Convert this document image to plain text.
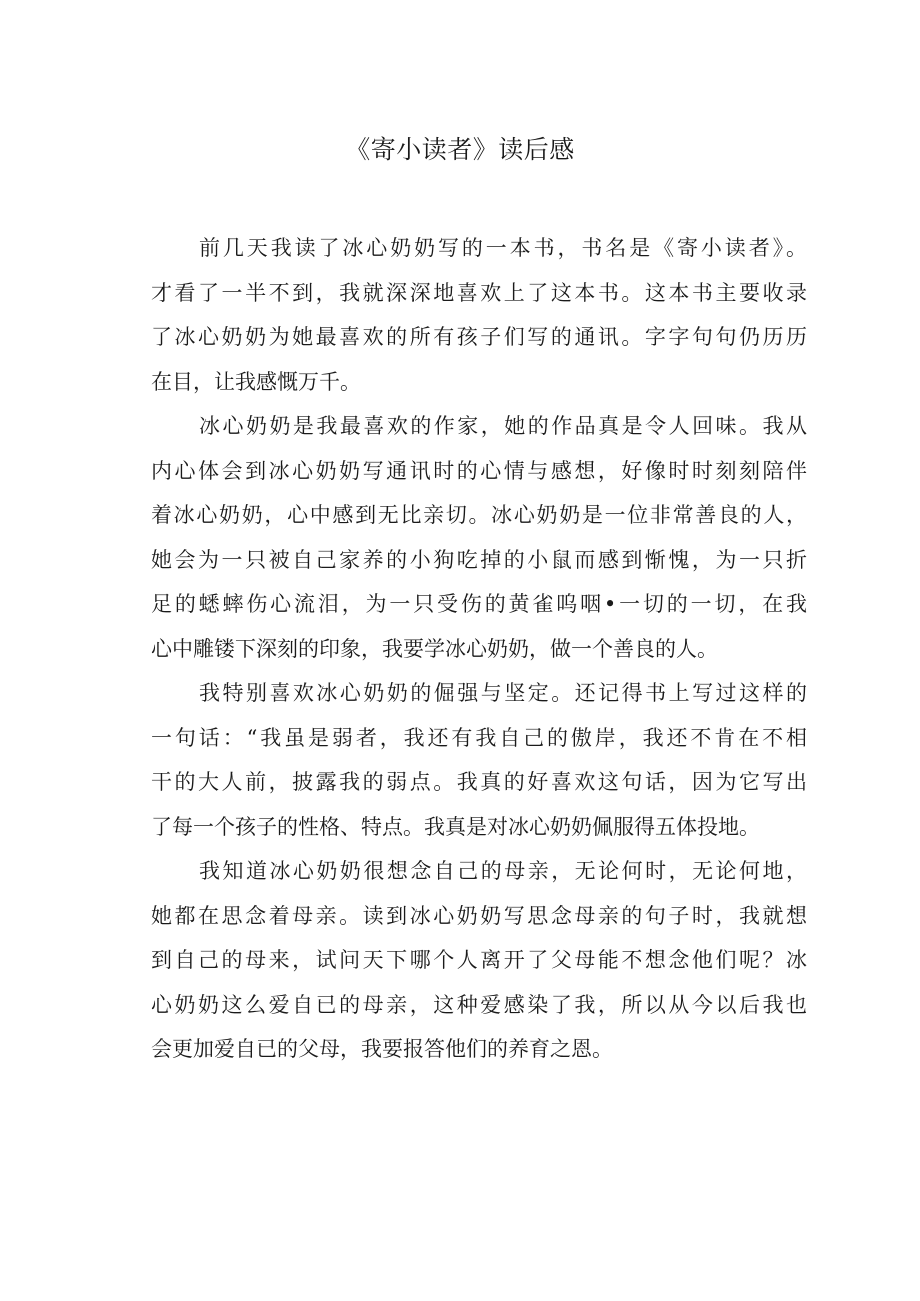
《寄小读者》读后感
前几天我读了冰心奶奶写的一本书，书名是《寄小读者》。
才看了一半不到，我就深深地喜欢上了这本书。这本书主要收录
了冰心奶奶为她最喜欢的所有孩子们写的通讯。字字句句仍历历
在目，让我感慨万千。
冰心奶奶是我最喜欢的作家，她的作品真是令人回味。我从
内心体会到冰心奶奶写通讯时的心情与感想，好像时时刻刻陪伴
着冰心奶奶，心中感到无比亲切。冰心奶奶是一位非常善良的人，
她会为一只被自己家养的小狗吃掉的小鼠而感到惭愧，为一只折
足的蟋蟀伤心流泪，为一只受伤的黄雀呜咽•一切的一切，在我
心中雕镂下深刻的印象，我要学冰心奶奶，做一个善良的人。
我特别喜欢冰心奶奶的倔强与坚定。还记得书上写过这样的
一句话：“我虽是弱者，我还有我自己的傲岸，我还不肯在不相
干的大人前，披露我的弱点。我真的好喜欢这句话，因为它写出
了每一个孩子的性格、特点。我真是对冰心奶奶佩服得五体投地。
我知道冰心奶奶很想念自己的母亲，无论何时，无论何地，
她都在思念着母亲。读到冰心奶奶写思念母亲的句子时，我就想
到自己的母来，试问天下哪个人离开了父母能不想念他们呢？冰
心奶奶这么爱自已的母亲，这种爱感染了我，所以从今以后我也
会更加爱自已的父母，我要报答他们的养育之恩。
